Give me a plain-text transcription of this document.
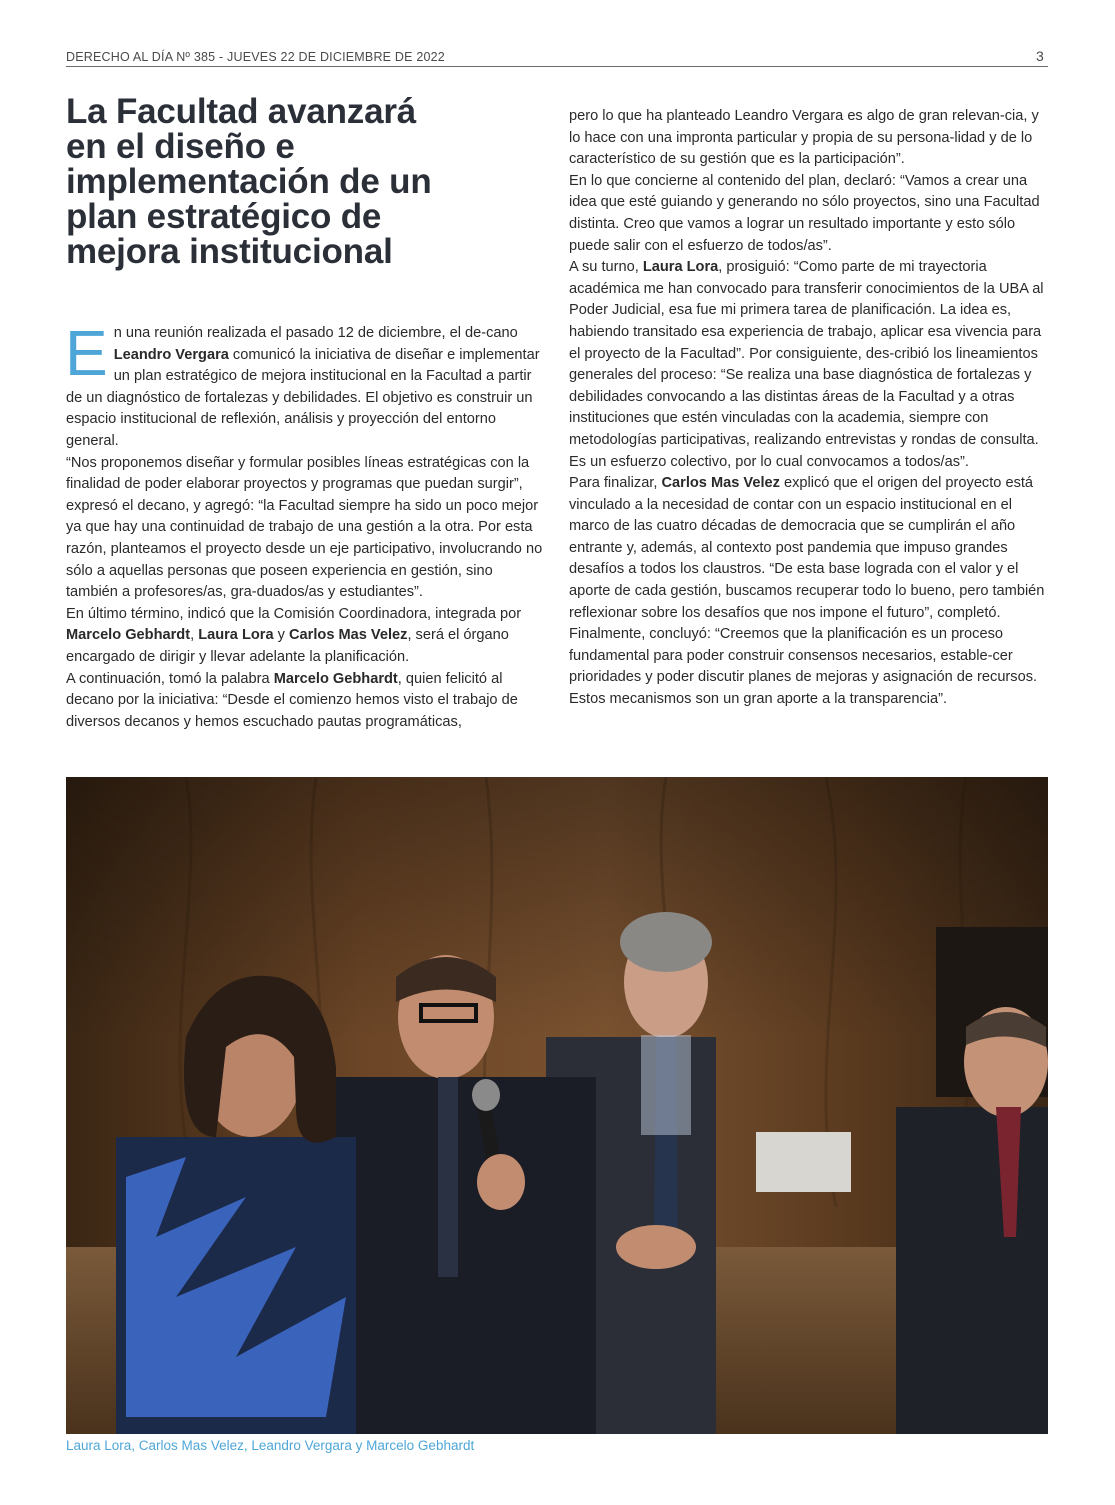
DERECHO AL DÍA Nº 385 - JUEVES 22 DE DICIEMBRE DE 2022	3
La Facultad avanzará
en el diseño e
implementación de un
plan estratégico de
mejora institucional

En una reunión realizada el pasado 12 de diciembre, el de-cano Leandro Vergara comunicó la iniciativa de diseñar e implementar un plan estratégico de mejora institucional en la Facultad a partir de un diagnóstico de fortalezas y debilidades. El objetivo es construir un espacio institucional de reflexión, análisis y proyección del entorno general.

“Nos proponemos diseñar y formular posibles líneas estratégicas con la finalidad de poder elaborar proyectos y programas que puedan surgir”, expresó el decano, y agregó: “la Facultad siempre ha sido un poco mejor ya que hay una continuidad de trabajo de una gestión a la otra. Por esta razón, planteamos el proyecto desde un eje participativo, involucrando no sólo a aquellas personas que poseen experiencia en gestión, sino también a profesores/as, gra-duados/as y estudiantes”.

En último término, indicó que la Comisión Coordinadora, integrada por Marcelo Gebhardt, Laura Lora y Carlos Mas Velez, será el órgano encargado de dirigir y llevar adelante la planificación.

A continuación, tomó la palabra Marcelo Gebhardt, quien felicitó al decano por la iniciativa: “Desde el comienzo hemos visto el trabajo de diversos decanos y hemos escuchado pautas programáticas,

pero lo que ha planteado Leandro Vergara es algo de gran relevan-cia, y lo hace con una impronta particular y propia de su persona-lidad y de lo característico de su gestión que es la participación”.

En lo que concierne al contenido del plan, declaró: “Vamos a crear una idea que esté guiando y generando no sólo proyectos, sino una Facultad distinta. Creo que vamos a lograr un resultado importante y esto sólo puede salir con el esfuerzo de todos/as”.

A su turno, Laura Lora, prosiguió: “Como parte de mi trayectoria académica me han convocado para transferir conocimientos de la UBA al Poder Judicial, esa fue mi primera tarea de planificación. La idea es, habiendo transitado esa experiencia de trabajo, aplicar esa vivencia para el proyecto de la Facultad”. Por consiguiente, des-cribió los lineamientos generales del proceso: “Se realiza una base diagnóstica de fortalezas y debilidades convocando a las distintas áreas de la Facultad y a otras instituciones que estén vinculadas con la academia, siempre con metodologías participativas, realizando entrevistas y rondas de consulta. Es un esfuerzo colectivo, por lo cual convocamos a todos/as”.

Para finalizar, Carlos Mas Velez explicó que el origen del proyecto está vinculado a la necesidad de contar con un espacio institucional en el marco de las cuatro décadas de democracia que se cumplirán el año entrante y, además, al contexto post pandemia que impuso grandes desafíos a todos los claustros. “De esta base lograda con el valor y el aporte de cada gestión, buscamos recuperar todo lo bueno, pero también reflexionar sobre los desafíos que nos impone el futuro”, completó.

Finalmente, concluyó: “Creemos que la planificación es un proceso fundamental para poder construir consensos necesarios, estable-cer prioridades y poder discutir planes de mejoras y asignación de recursos. Estos mecanismos son un gran aporte a la transparencia”.

Laura Lora, Carlos Mas Velez, Leandro Vergara y Marcelo Gebhardt
